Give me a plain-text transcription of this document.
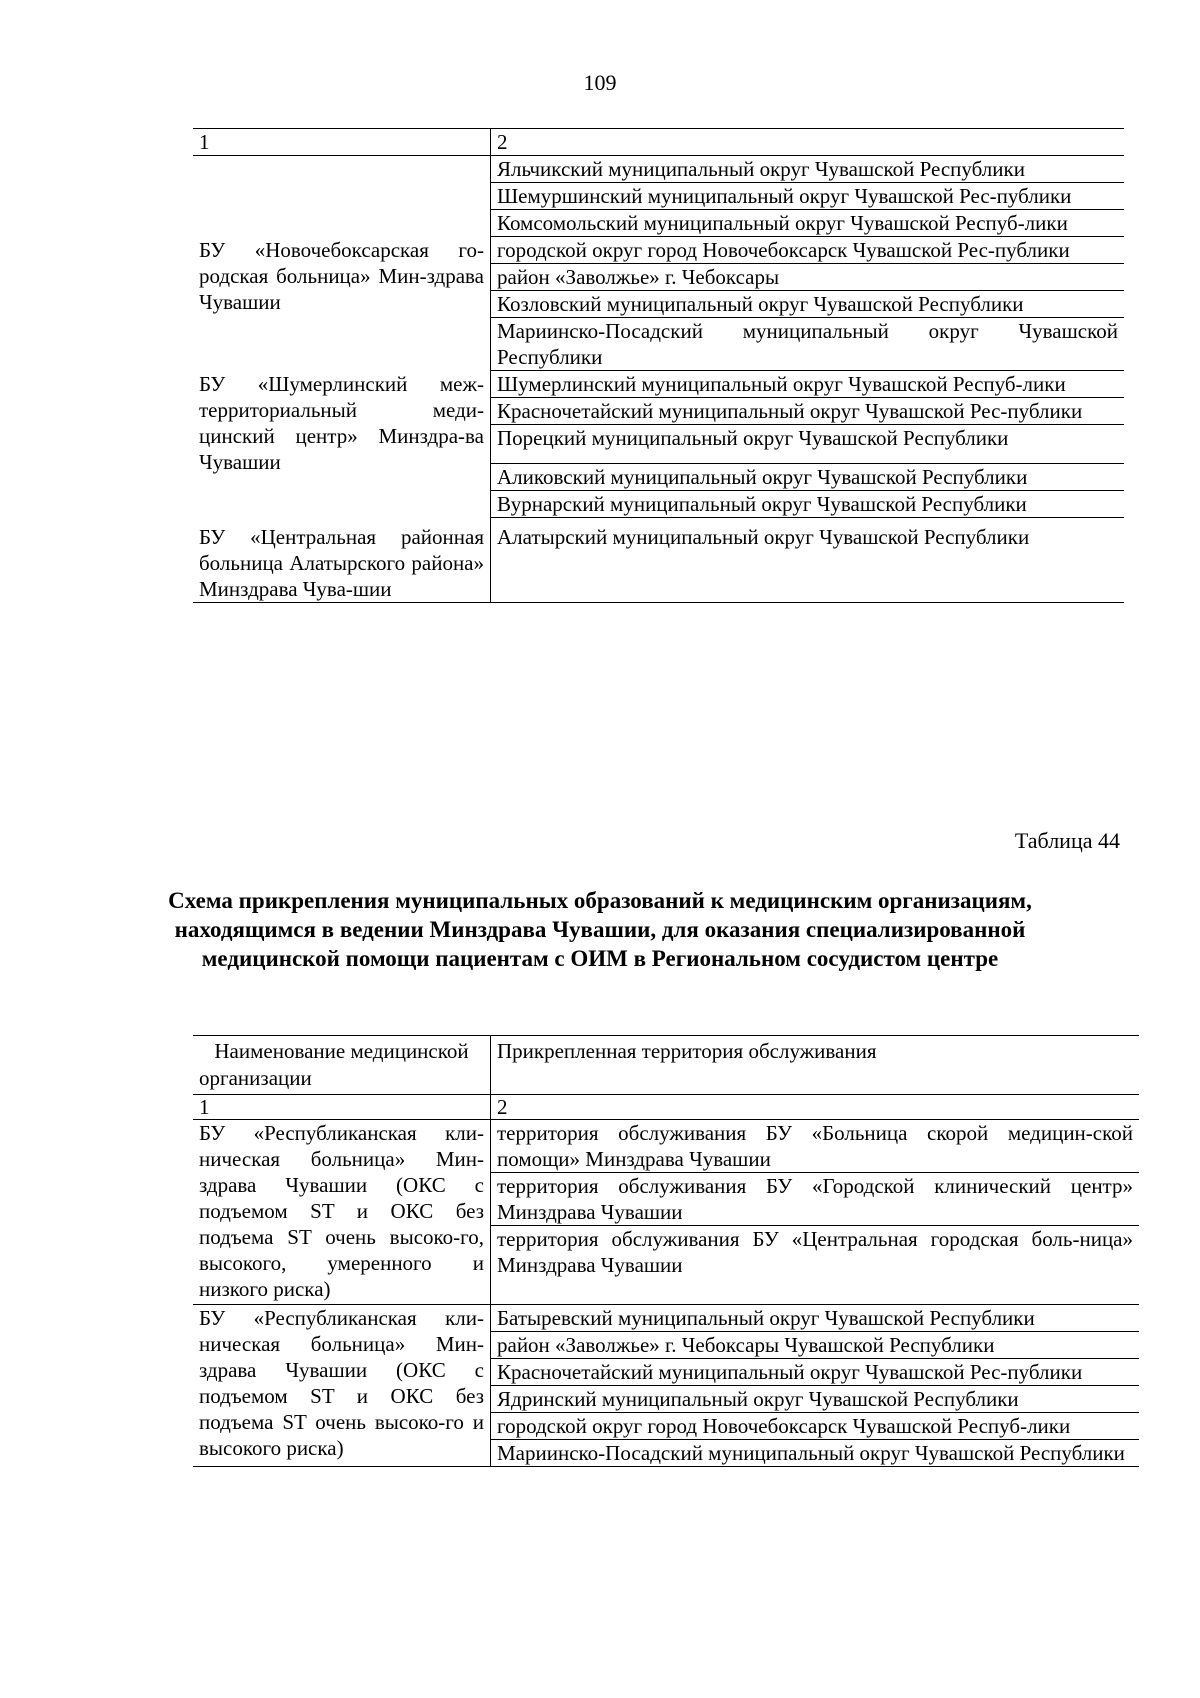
109
1	2
	Яльчикский муниципальный округ Чувашской Республики
	Шемуршинский муниципальный округ Чувашской Рес-публики
	Комсомольский муниципальный округ Чувашской Респуб-лики
БУ «Новочебоксарская го-родская больница» Мин-здрава Чувашии	городской округ город Новочебоксарск Чувашской Рес-публики
	район «Заволжье» г. Чебоксары
	Козловский муниципальный округ Чувашской Республики
	Мариинско-Посадский муниципальный округ Чувашской Республики
БУ «Шумерлинский меж-территориальный меди-цинский центр» Минздра-ва Чувашии	Шумерлинский муниципальный округ Чувашской Респуб-лики
	Красночетайский муниципальный округ Чувашской Рес-публики
	Порецкий муниципальный округ Чувашской Республики
	Аликовский муниципальный округ Чувашской Республики
	Вурнарский муниципальный округ Чувашской Республики
БУ «Центральная районная больница Алатырского района» Минздрава Чува-шии	Алатырский муниципальный округ Чувашской Республики
Таблица 44
Схема прикрепления муниципальных образований к медицинским организациям, находящимся в ведении Минздрава Чувашии, для оказания специализированной медицинской помощи пациентам с ОИМ в Региональном сосудистом центре
Наименование медицинской организации	Прикрепленная территория обслуживания
1	2
БУ «Республиканская кли-ническая больница» Мин-здрава Чувашии (ОКС с подъемом ST и ОКС без подъема ST очень высоко-го, высокого, умеренного и низкого риска)	территория обслуживания БУ «Больница скорой медицин-ской помощи» Минздрава Чувашии
	территория обслуживания БУ «Городской клинический центр» Минздрава Чувашии
	территория обслуживания БУ «Центральная городская боль-ница» Минздрава Чувашии

БУ «Республиканская кли-ническая больница» Мин-здрава Чувашии (ОКС с подъемом ST и ОКС без подъема ST очень высоко-го и высокого риска)	Батыревский муниципальный округ Чувашской Республики
	район «Заволжье» г. Чебоксары Чувашской Республики
	Красночетайский муниципальный округ Чувашской Рес-публики
	Ядринский муниципальный округ Чувашской Республики
	городской округ город Новочебоксарск Чувашской Респуб-лики
	Мариинско-Посадский муниципальный округ Чувашской Республики
